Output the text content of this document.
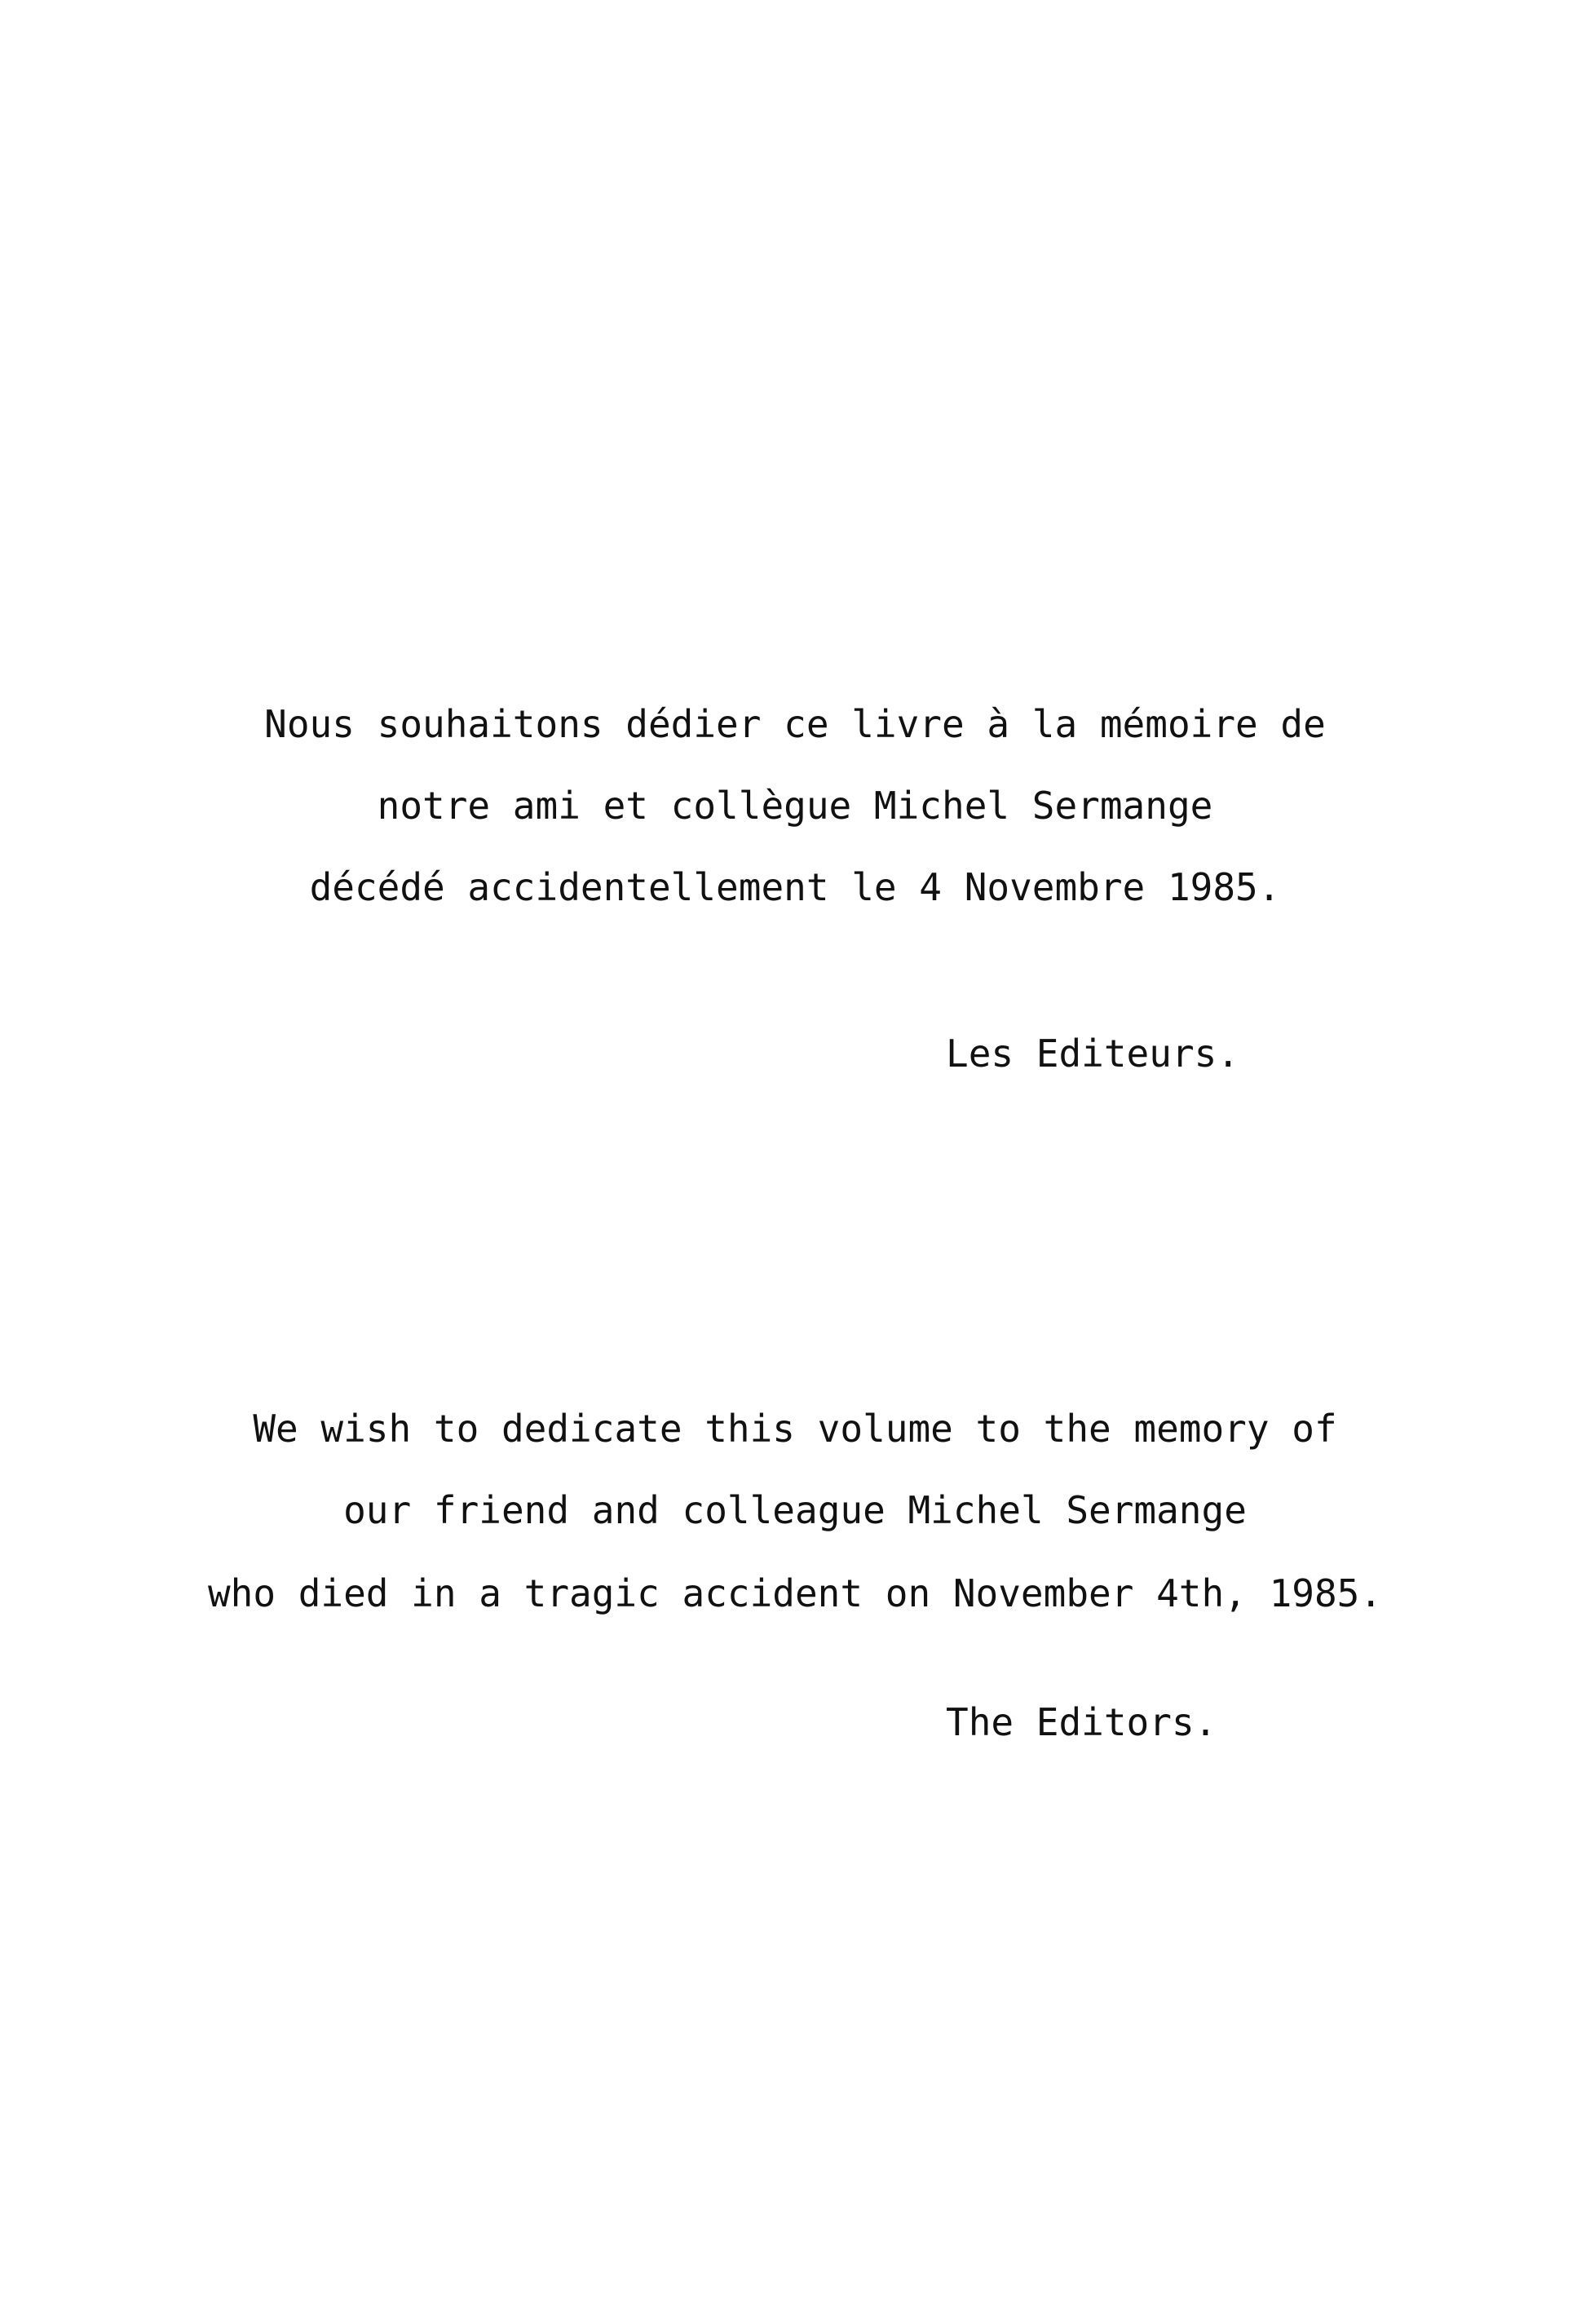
Nous souhaitons dédier ce livre à la mémoire de
notre ami et collègue Michel Sermange
décédé accidentellement le 4 Novembre 1985.
Les Editeurs.
We wish to dedicate this volume to the memory of
our friend and colleague Michel Sermange
who died in a tragic accident on November 4th, 1985.
The Editors.
